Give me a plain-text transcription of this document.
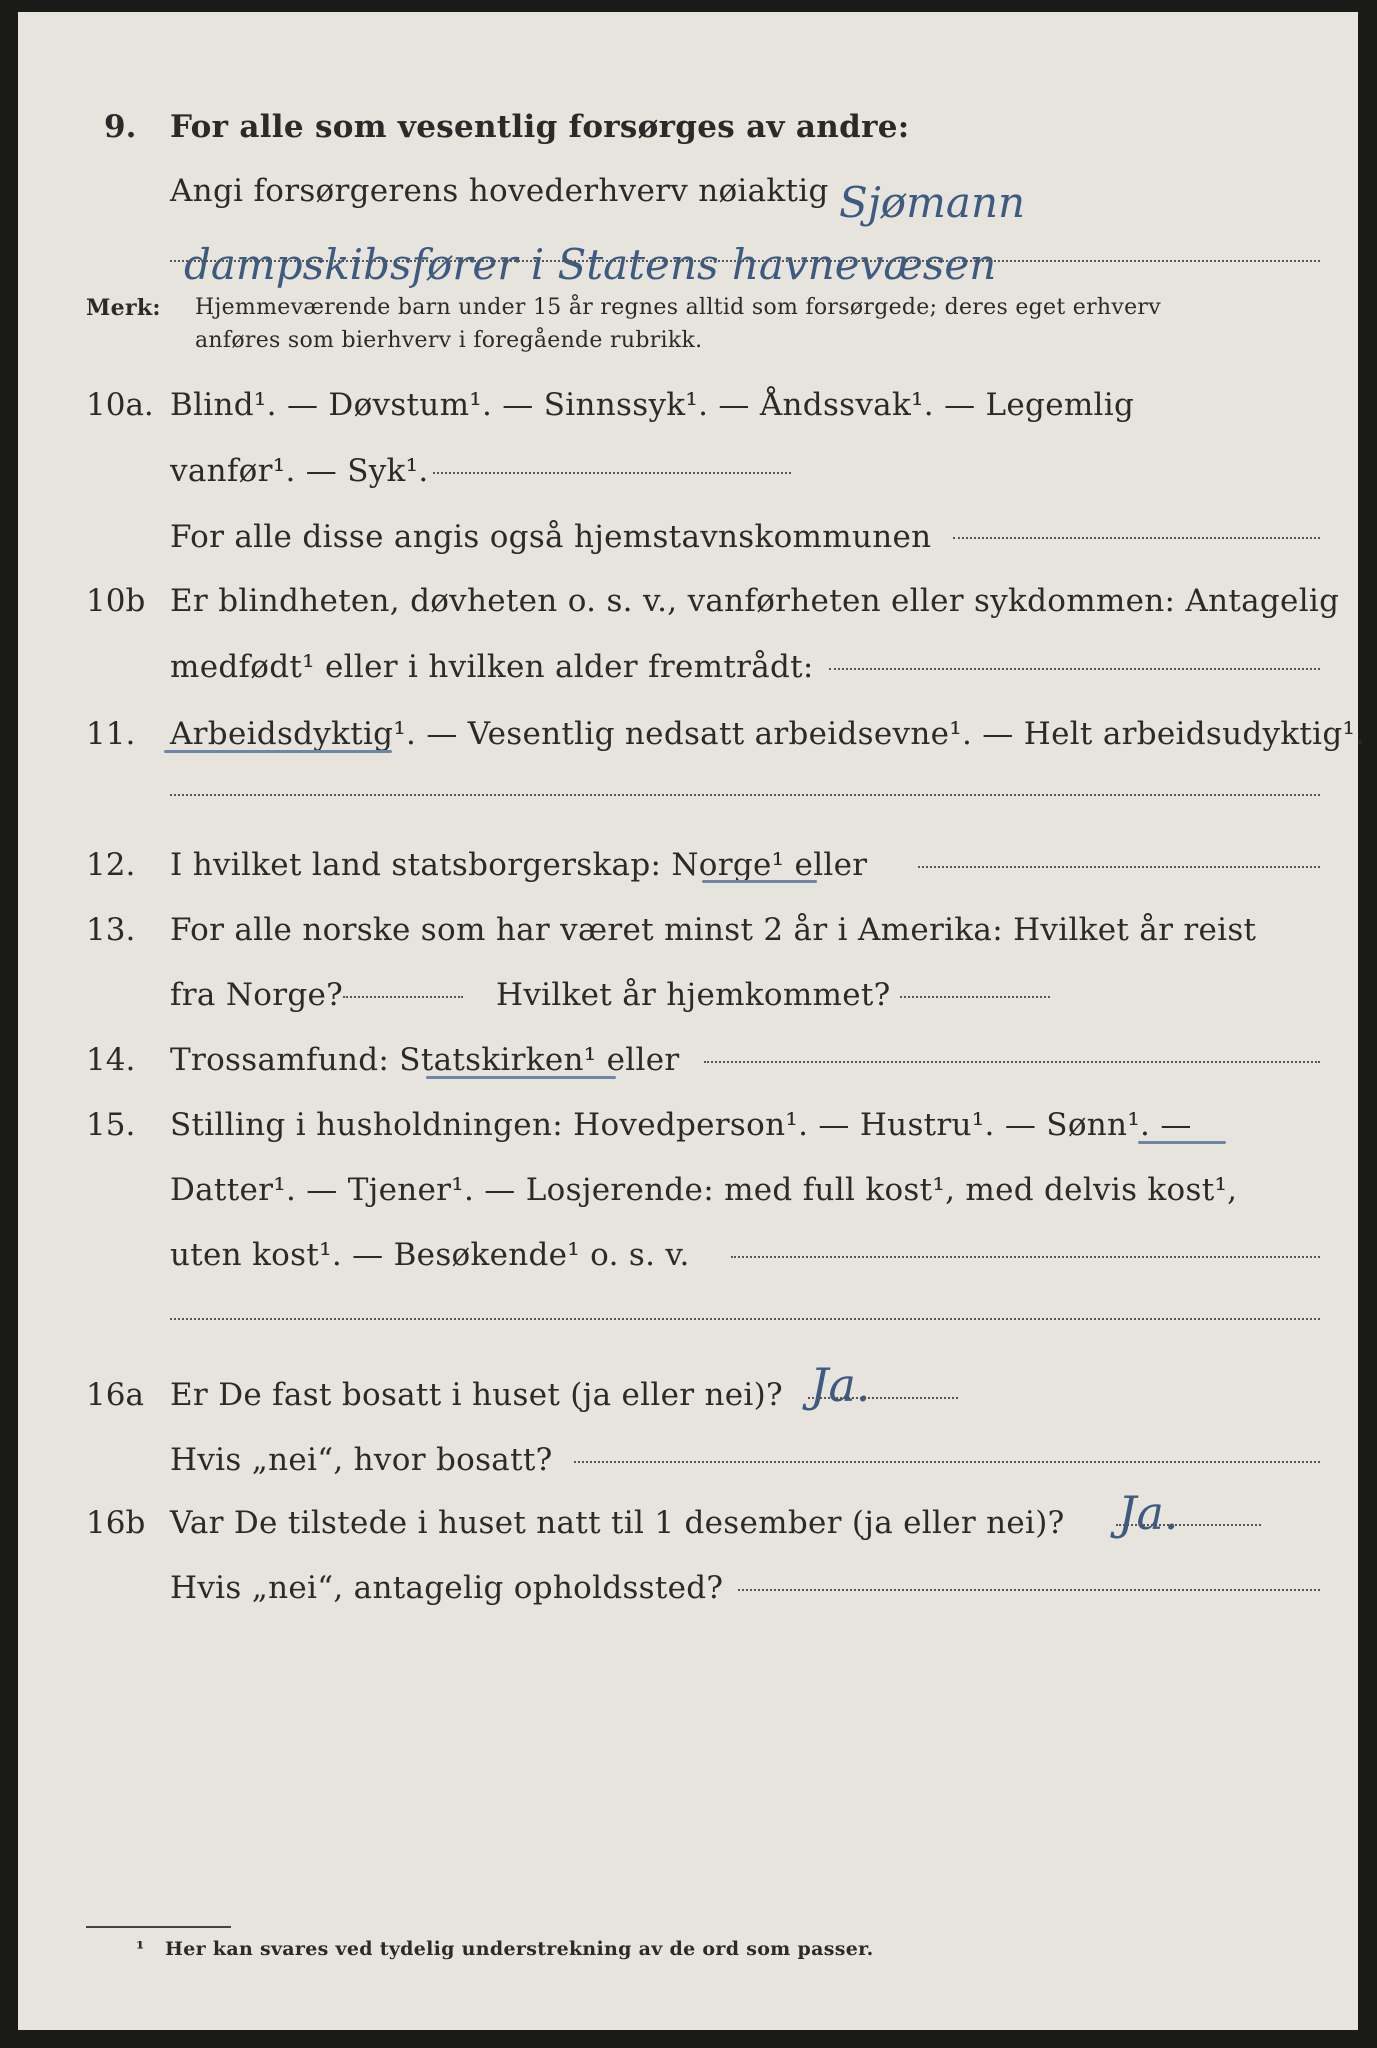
9. For alle som vesentlig forsørges av andre:
Angi forsørgerens hovederhverv nøiaktig Sjømann dampskibsfører i Statens havnevæsen
Merk: Hjemmeværende barn under 15 år regnes alltid som forsørgede; deres eget erhverv
anføres som bierhverv i foregående rubrikk.
10a. Blind¹. — Døvstum¹. — Sinnssyk¹. — Åndssvak¹. — Legemlig
vanfør¹. — Syk¹.
For alle disse angis også hjemstavnskommunen
10b Er blindheten, døvheten o. s. v., vanførheten eller sykdommen: Antagelig
medfødt¹ eller i hvilken alder fremtrådt:
11. Arbeidsdyktig¹. — Vesentlig nedsatt arbeidsevne¹. — Helt arbeidsudyktig¹.
12. I hvilket land statsborgerskap: Norge¹ eller
13. For alle norske som har været minst 2 år i Amerika: Hvilket år reist
fra Norge?	Hvilket år hjemkommet?
14. Trossamfund: Statskirken¹ eller
15. Stilling i husholdningen: Hovedperson¹. — Hustru¹. — Sønn¹. —
Datter¹. — Tjener¹. — Losjerende: med full kost¹, med delvis kost¹,
uten kost¹. — Besøkende¹ o. s. v.
16a Er De fast bosatt i huset (ja eller nei)? Ja.
Hvis „nei“, hvor bosatt?
16b Var De tilstede i huset natt til 1 desember (ja eller nei)? Ja.
Hvis „nei“, antagelig opholdssted?
¹ Her kan svares ved tydelig understrekning av de ord som passer.
